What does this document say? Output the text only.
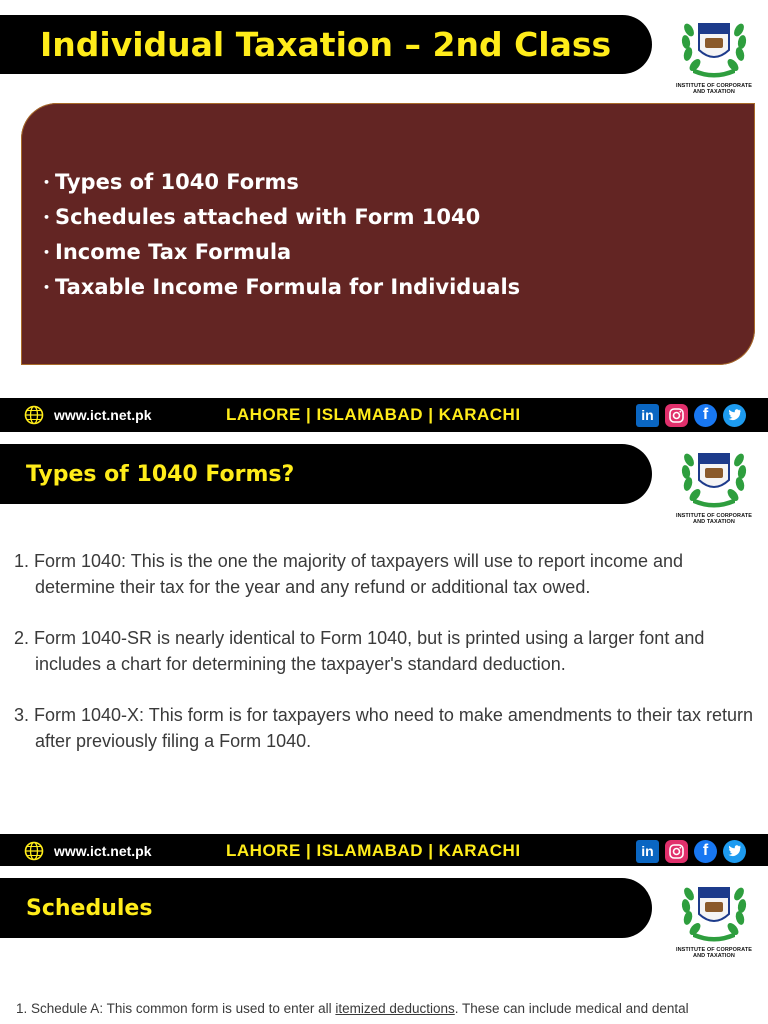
Individual Taxation – 2nd Class
INSTITUTE OF CORPORATE
AND TAXATION
• Types of 1040 Forms
• Schedules attached with Form 1040
• Income Tax Formula
• Taxable Income Formula for Individuals
www.ict.net.pk	LAHORE | ISLAMABAD | KARACHI	in	f
Types of 1040 Forms?
INSTITUTE OF CORPORATE
AND TAXATION
1. Form 1040: This is the one the majority of taxpayers will use to report income and determine their tax for the year and any refund or additional tax owed.
2. Form 1040-SR is nearly identical to Form 1040, but is printed using a larger font and includes a chart for determining the taxpayer's standard deduction.
3. Form 1040-X: This form is for taxpayers who need to make amendments to their tax return after previously filing a Form 1040.
www.ict.net.pk	LAHORE | ISLAMABAD | KARACHI	in	f
Schedules
INSTITUTE OF CORPORATE
AND TAXATION
1. Schedule A: This common form is used to enter all itemized deductions. These can include medical and dental
